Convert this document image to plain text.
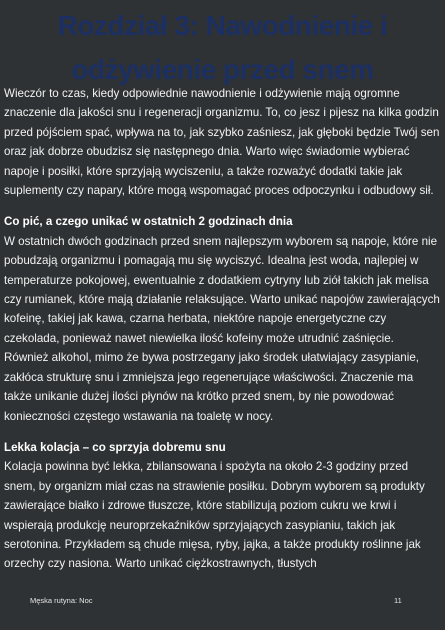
Rozdział 3: Nawodnienie i odżywienie przed snem

Wieczór to czas, kiedy odpowiednie nawodnienie i odżywienie mają ogromne znaczenie dla jakości snu i regeneracji organizmu. To, co jesz i pijesz na kilka godzin przed pójściem spać, wpływa na to, jak szybko zaśniesz, jak głęboki będzie Twój sen oraz jak dobrze obudzisz się następnego dnia. Warto więc świadomie wybierać napoje i posiłki, które sprzyjają wyciszeniu, a także rozważyć dodatki takie jak suplementy czy napary, które mogą wspomagać proces odpoczynku i odbudowy sił.

Co pić, a czego unikać w ostatnich 2 godzinach dnia

W ostatnich dwóch godzinach przed snem najlepszym wyborem są napoje, które nie pobudzają organizmu i pomagają mu się wyciszyć. Idealna jest woda, najlepiej w temperaturze pokojowej, ewentualnie z dodatkiem cytryny lub ziół takich jak melisa czy rumianek, które mają działanie relaksujące. Warto unikać napojów zawierających kofeinę, takiej jak kawa, czarna herbata, niektóre napoje energetyczne czy czekolada, ponieważ nawet niewielka ilość kofeiny może utrudnić zaśnięcie. Również alkohol, mimo że bywa postrzegany jako środek ułatwiający zasypianie, zakłóca strukturę snu i zmniejsza jego regenerujące właściwości. Znaczenie ma także unikanie dużej ilości płynów na krótko przed snem, by nie powodować konieczności częstego wstawania na toaletę w nocy.

Lekka kolacja – co sprzyja dobremu snu

Kolacja powinna być lekka, zbilansowana i spożyta na około 2-3 godziny przed snem, by organizm miał czas na strawienie posiłku. Dobrym wyborem są produkty zawierające białko i zdrowe tłuszcze, które stabilizują poziom cukru we krwi i wspierają produkcję neuroprzekaźników sprzyjających zasypianiu, takich jak serotonina. Przykładem są chude mięsa, ryby, jajka, a także produkty roślinne jak orzechy czy nasiona. Warto unikać ciężkostrawnych, tłustych

Męska rutyna: Noc	11
